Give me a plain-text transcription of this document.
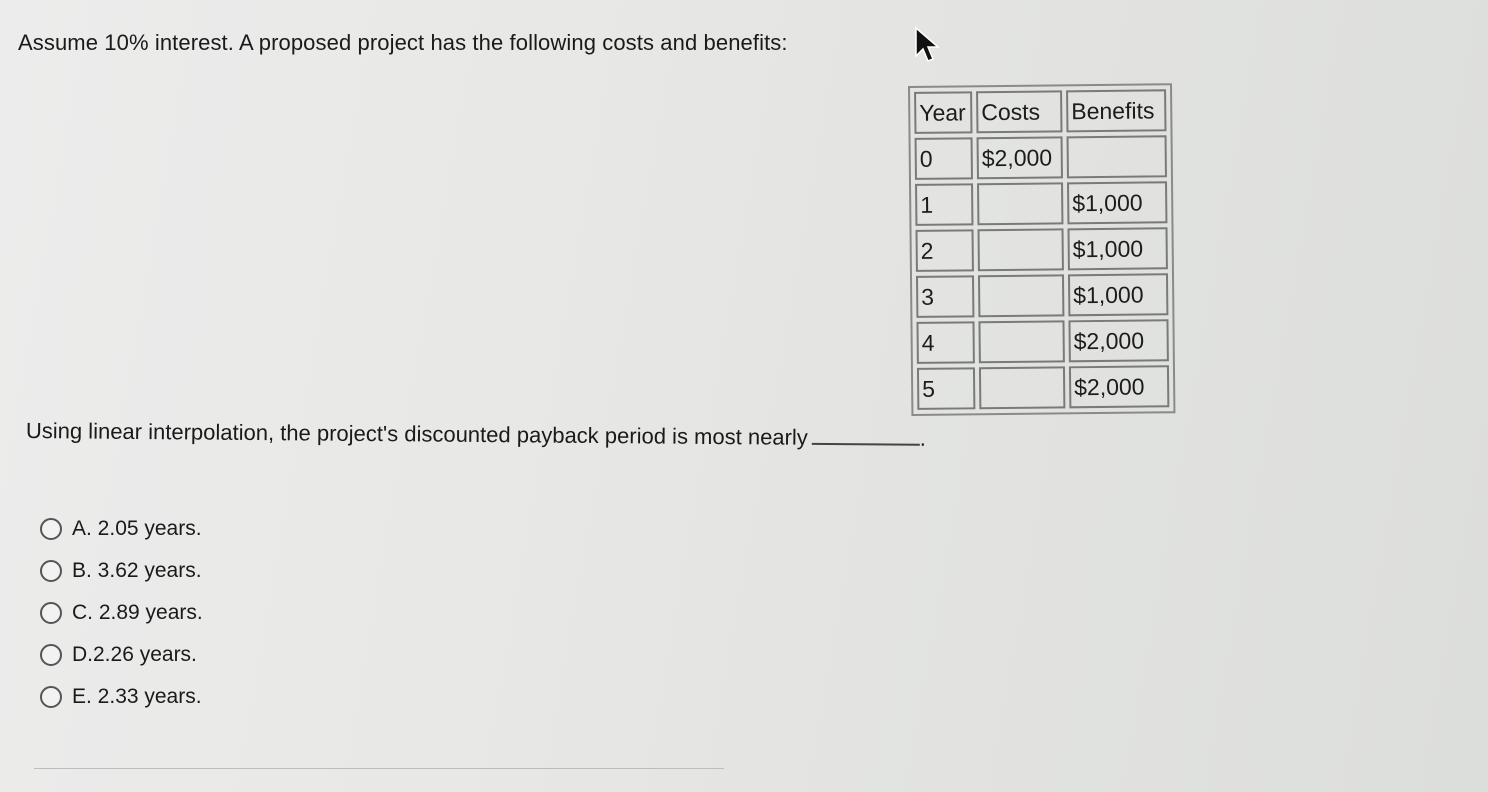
Assume 10% interest. A proposed project has the following costs and benefits:
Year	Costs	Benefits
0	$2,000	
1		$1,000
2		$1,000
3		$1,000
4		$2,000
5		$2,000
Using linear interpolation, the project's discounted payback period is most nearly	.
A. 2.05 years.
B. 3.62 years.
C. 2.89 years.
D.2.26 years.
E. 2.33 years.
